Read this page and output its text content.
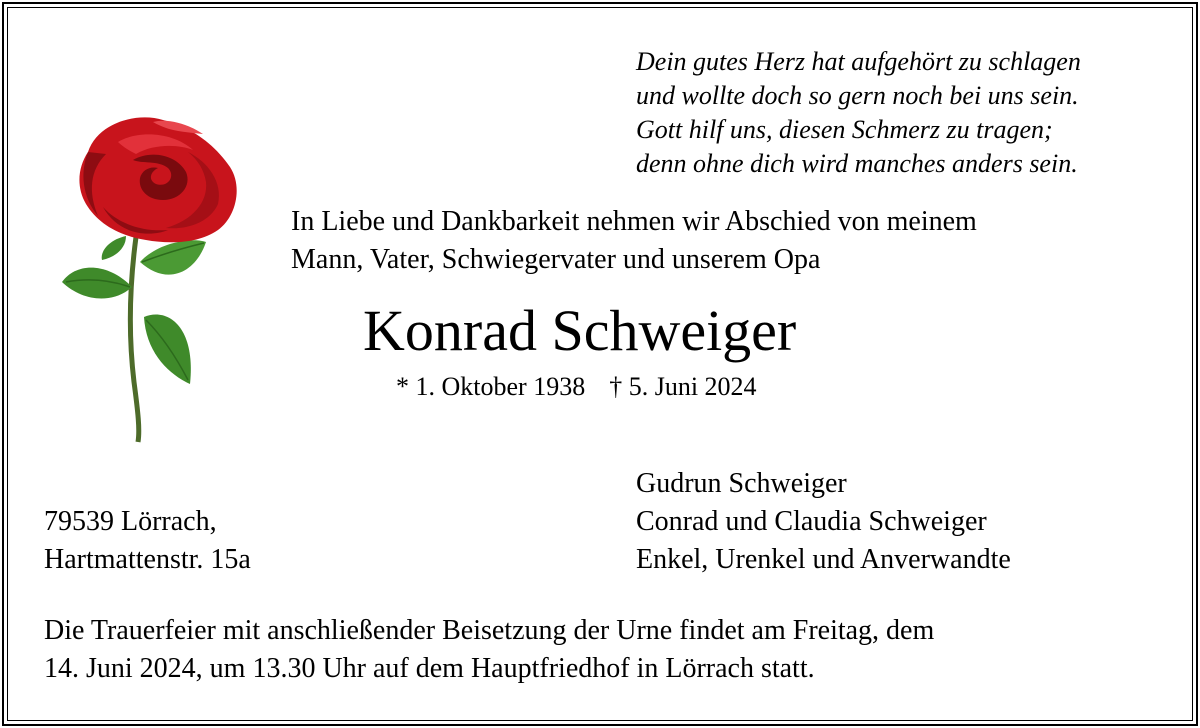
Dein gutes Herz hat aufgehört zu schlagen
und wollte doch so gern noch bei uns sein.
Gott hilf uns, diesen Schmerz zu tragen;
denn ohne dich wird manches anders sein.
In Liebe und Dankbarkeit nehmen wir Abschied von meinem
Mann, Vater, Schwiegervater und unserem Opa
Konrad Schweiger
* 1. Oktober 1938 † 5. Juni 2024
Gudrun Schweiger
Conrad und Claudia Schweiger
Enkel, Urenkel und Anverwandte
79539 Lörrach,
Hartmattenstr. 15a
Die Trauerfeier mit anschließender Beisetzung der Urne findet am Freitag, dem
14. Juni 2024, um 13.30 Uhr auf dem Hauptfriedhof in Lörrach statt.
